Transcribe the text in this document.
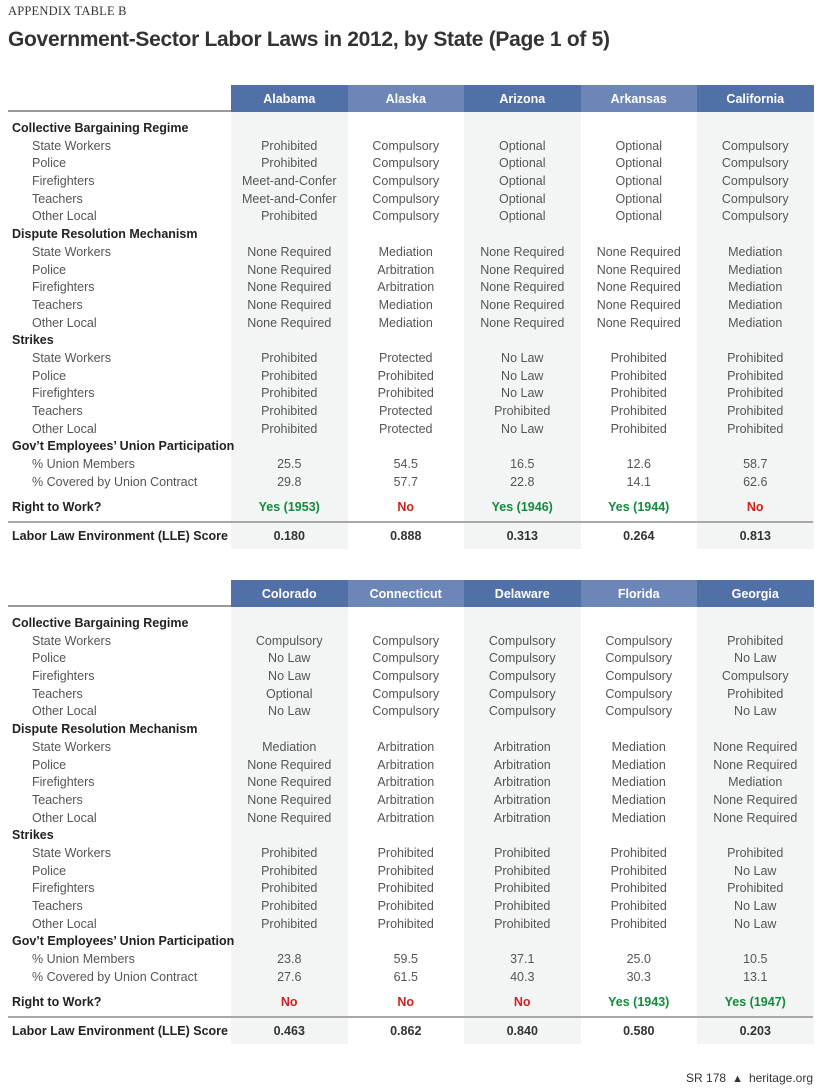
APPENDIX TABLE B
Government-Sector Labor Laws in 2012, by State (Page 1 of 5)
Alabama	Alaska	Arizona	Arkansas	California
Collective Bargaining Regime
State Workers	Prohibited	Compulsory	Optional	Optional	Compulsory
Police	Prohibited	Compulsory	Optional	Optional	Compulsory
Firefighters	Meet-and-Confer	Compulsory	Optional	Optional	Compulsory
Teachers	Meet-and-Confer	Compulsory	Optional	Optional	Compulsory
Other Local	Prohibited	Compulsory	Optional	Optional	Compulsory
Dispute Resolution Mechanism
State Workers	None Required	Mediation	None Required	None Required	Mediation
Police	None Required	Arbitration	None Required	None Required	Mediation
Firefighters	None Required	Arbitration	None Required	None Required	Mediation
Teachers	None Required	Mediation	None Required	None Required	Mediation
Other Local	None Required	Mediation	None Required	None Required	Mediation
Strikes
State Workers	Prohibited	Protected	No Law	Prohibited	Prohibited
Police	Prohibited	Prohibited	No Law	Prohibited	Prohibited
Firefighters	Prohibited	Prohibited	No Law	Prohibited	Prohibited
Teachers	Prohibited	Protected	Prohibited	Prohibited	Prohibited
Other Local	Prohibited	Protected	No Law	Prohibited	Prohibited
Gov’t Employees’ Union Participation
% Union Members	25.5	54.5	16.5	12.6	58.7
% Covered by Union Contract	29.8	57.7	22.8	14.1	62.6
Right to Work?	Yes (1953)	No	Yes (1946)	Yes (1944)	No
Labor Law Environment (LLE) Score	0.180	0.888	0.313	0.264	0.813
Colorado	Connecticut	Delaware	Florida	Georgia
Collective Bargaining Regime
State Workers	Compulsory	Compulsory	Compulsory	Compulsory	Prohibited
Police	No Law	Compulsory	Compulsory	Compulsory	No Law
Firefighters	No Law	Compulsory	Compulsory	Compulsory	Compulsory
Teachers	Optional	Compulsory	Compulsory	Compulsory	Prohibited
Other Local	No Law	Compulsory	Compulsory	Compulsory	No Law
Dispute Resolution Mechanism
State Workers	Mediation	Arbitration	Arbitration	Mediation	None Required
Police	None Required	Arbitration	Arbitration	Mediation	None Required
Firefighters	None Required	Arbitration	Arbitration	Mediation	Mediation
Teachers	None Required	Arbitration	Arbitration	Mediation	None Required
Other Local	None Required	Arbitration	Arbitration	Mediation	None Required
Strikes
State Workers	Prohibited	Prohibited	Prohibited	Prohibited	Prohibited
Police	Prohibited	Prohibited	Prohibited	Prohibited	No Law
Firefighters	Prohibited	Prohibited	Prohibited	Prohibited	Prohibited
Teachers	Prohibited	Prohibited	Prohibited	Prohibited	No Law
Other Local	Prohibited	Prohibited	Prohibited	Prohibited	No Law
Gov’t Employees’ Union Participation
% Union Members	23.8	59.5	37.1	25.0	10.5
% Covered by Union Contract	27.6	61.5	40.3	30.3	13.1
Right to Work?	No	No	No	Yes (1943)	Yes (1947)
Labor Law Environment (LLE) Score	0.463	0.862	0.840	0.580	0.203
SR 178 ▲ heritage.org
